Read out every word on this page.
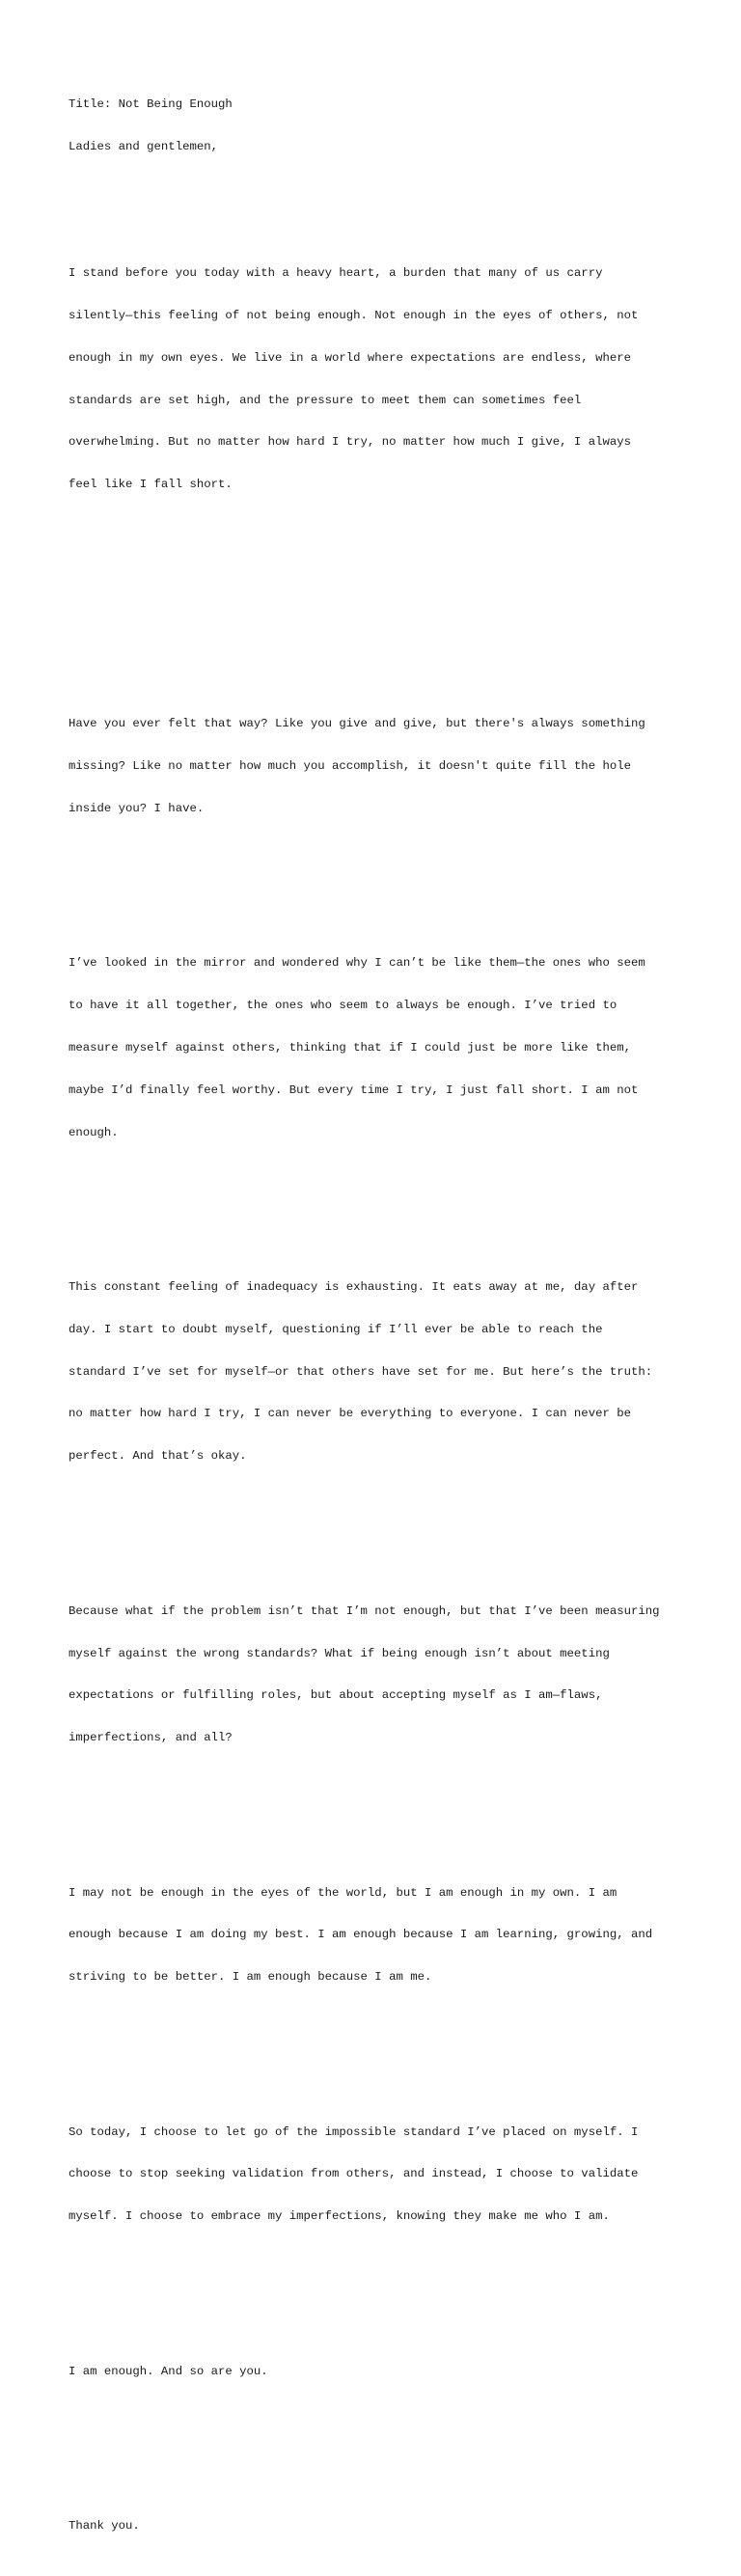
Title: Not Being Enough

Ladies and gentlemen,

I stand before you today with a heavy heart, a burden that many of us carry

silently—this feeling of not being enough. Not enough in the eyes of others, not

enough in my own eyes. We live in a world where expectations are endless, where

standards are set high, and the pressure to meet them can sometimes feel

overwhelming. But no matter how hard I try, no matter how much I give, I always

feel like I fall short.

Have you ever felt that way? Like you give and give, but there's always something

missing? Like no matter how much you accomplish, it doesn't quite fill the hole

inside you? I have.

I’ve looked in the mirror and wondered why I can’t be like them—the ones who seem

to have it all together, the ones who seem to always be enough. I’ve tried to

measure myself against others, thinking that if I could just be more like them,

maybe I’d finally feel worthy. But every time I try, I just fall short. I am not

enough.

This constant feeling of inadequacy is exhausting. It eats away at me, day after

day. I start to doubt myself, questioning if I’ll ever be able to reach the

standard I’ve set for myself—or that others have set for me. But here’s the truth:

no matter how hard I try, I can never be everything to everyone. I can never be

perfect. And that’s okay.

Because what if the problem isn’t that I’m not enough, but that I’ve been measuring

myself against the wrong standards? What if being enough isn’t about meeting

expectations or fulfilling roles, but about accepting myself as I am—flaws,

imperfections, and all?

I may not be enough in the eyes of the world, but I am enough in my own. I am

enough because I am doing my best. I am enough because I am learning, growing, and

striving to be better. I am enough because I am me.

So today, I choose to let go of the impossible standard I’ve placed on myself. I

choose to stop seeking validation from others, and instead, I choose to validate

myself. I choose to embrace my imperfections, knowing they make me who I am.

I am enough. And so are you.

Thank you.
